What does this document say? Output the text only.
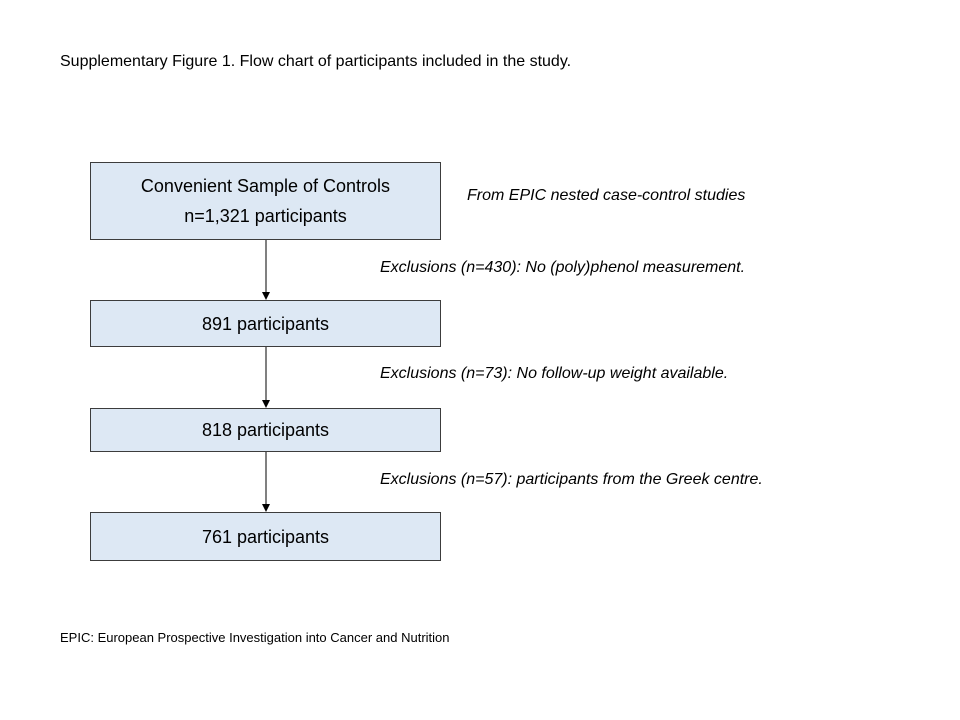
Supplementary Figure 1. Flow chart of participants included in the study.
Convenient Sample of Controls
n=1,321 participants
891 participants
818 participants
761 participants
From EPIC nested case-control studies
Exclusions (n=430): No (poly)phenol measurement.
Exclusions (n=73): No follow-up weight available.
Exclusions (n=57): participants from the Greek centre.
EPIC: European Prospective Investigation into Cancer and Nutrition
